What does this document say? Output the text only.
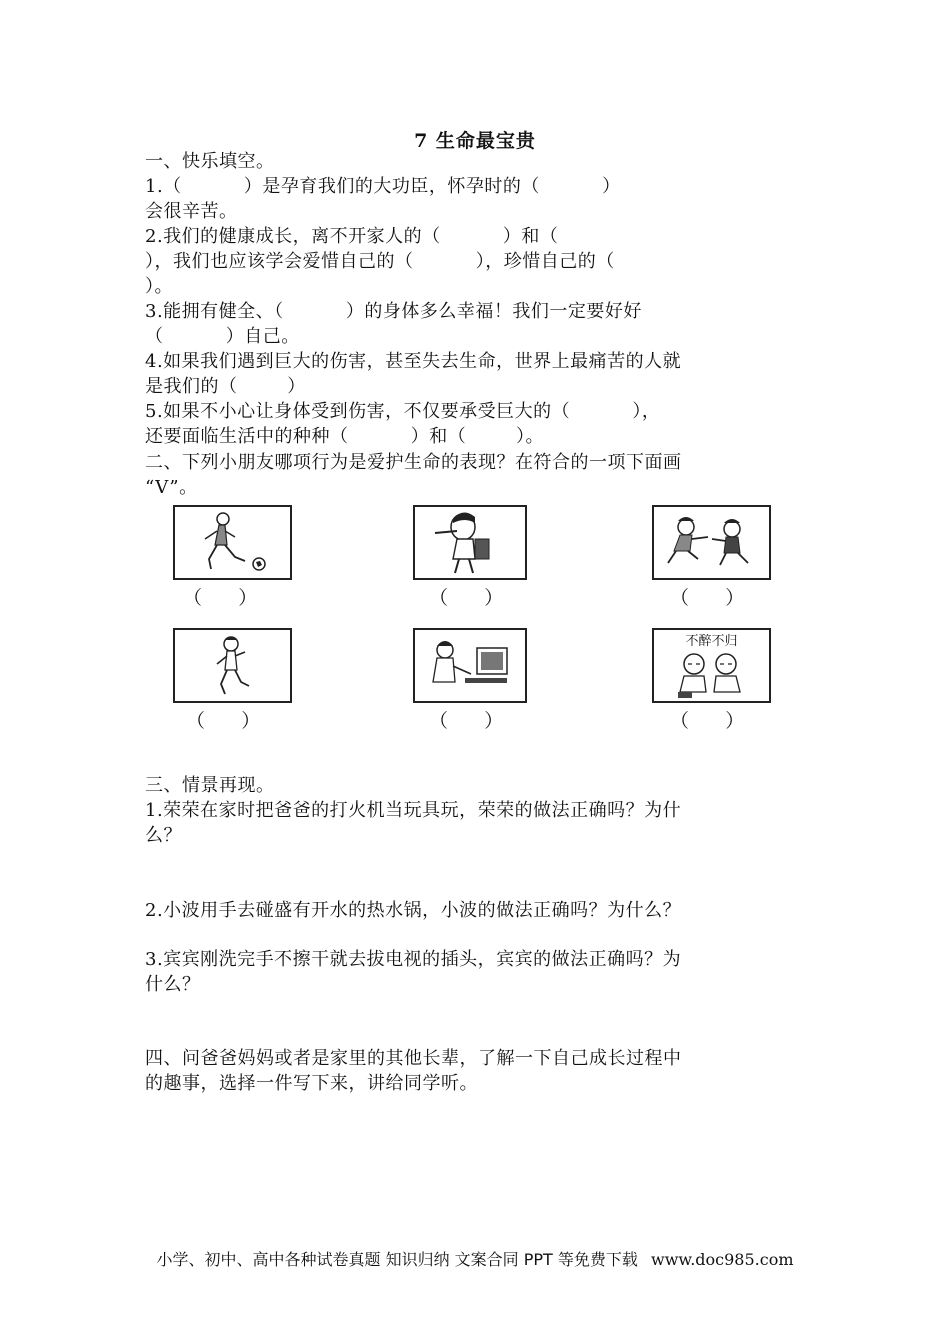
7 生命最宝贵
一、快乐填空。
1.（          ）是孕育我们的大功臣，怀孕时的（          ）
会很辛苦。
2.我们的健康成长，离不开家人的（          ）和（
），我们也应该学会爱惜自己的（          ），珍惜自己的（
）。
3.能拥有健全、（          ）的身体多么幸福！我们一定要好好
（          ）自己。
4.如果我们遇到巨大的伤害，甚至失去生命，世界上最痛苦的人就
是我们的（        ）
5.如果不小心让身体受到伤害，不仅要承受巨大的（          ），
还要面临生活中的种种（          ）和（        ）。
二、下列小朋友哪项行为是爱护生命的表现？在符合的一项下面画
“V”。
（      ）	（      ）	（      ）
不醉不归
（      ）	（      ）	（      ）
三、情景再现。
1.荣荣在家时把爸爸的打火机当玩具玩，荣荣的做法正确吗？为什
么？
2.小波用手去碰盛有开水的热水锅，小波的做法正确吗？为什么？
3.宾宾刚洗完手不擦干就去拔电视的插头，宾宾的做法正确吗？为
什么？
四、问爸爸妈妈或者是家里的其他长辈，了解一下自己成长过程中
的趣事，选择一件写下来，讲给同学听。
小学、初中、高中各种试卷真题 知识归纳 文案合同 PPT 等免费下载 www.doc985.com
